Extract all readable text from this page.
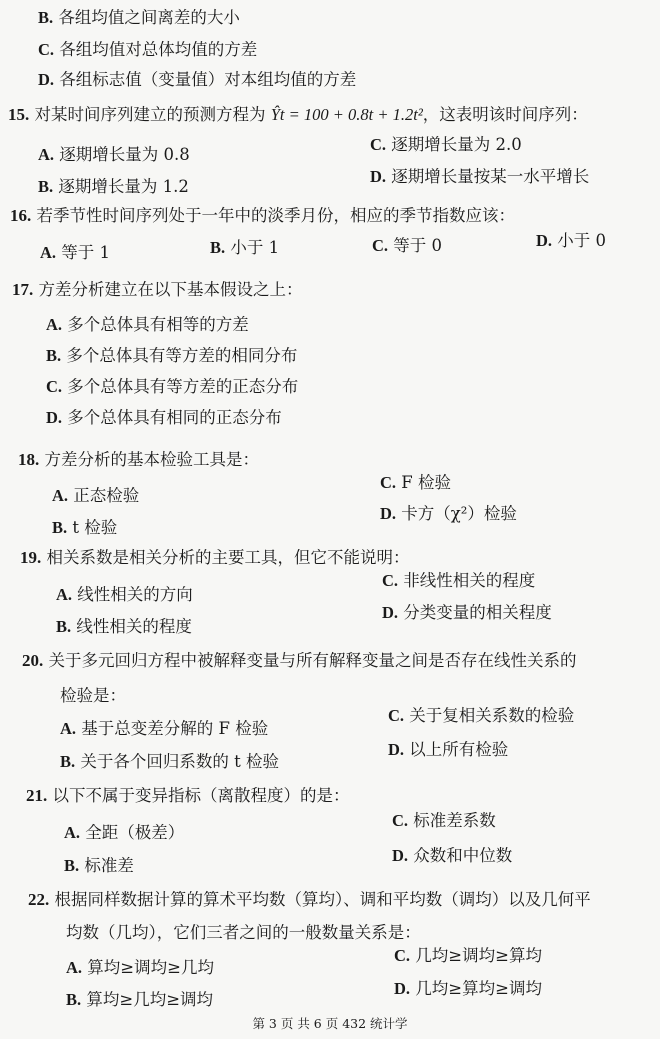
B. 各组均值之间离差的大小
C. 各组均值对总体均值的方差
D. 各组标志值（变量值）对本组均值的方差
15. 对某时间序列建立的预测方程为 Ŷt = 100 + 0.8t + 1.2t²，这表明该时间序列：
A. 逐期增长量为 0.8
C. 逐期增长量为 2.0
B. 逐期增长量为 1.2
D. 逐期增长量按某一水平增长
16. 若季节性时间序列处于一年中的淡季月份，相应的季节指数应该：
A. 等于 1	B. 小于 1	C. 等于 0	D. 小于 0
17. 方差分析建立在以下基本假设之上：
A. 多个总体具有相等的方差
B. 多个总体具有等方差的相同分布
C. 多个总体具有等方差的正态分布
D. 多个总体具有相同的正态分布
18. 方差分析的基本检验工具是：
A. 正态检验
C. F 检验
B. t 检验
D. 卡方（χ²）检验
19. 相关系数是相关分析的主要工具，但它不能说明：
A. 线性相关的方向
C. 非线性相关的程度
B. 线性相关的程度
D. 分类变量的相关程度
20. 关于多元回归方程中被解释变量与所有解释变量之间是否存在线性关系的
检验是：
A. 基于总变差分解的 F 检验
C. 关于复相关系数的检验
B. 关于各个回归系数的 t 检验
D. 以上所有检验
21. 以下不属于变异指标（离散程度）的是：
A. 全距（极差）
C. 标准差系数
B. 标准差
D. 众数和中位数
22. 根据同样数据计算的算术平均数（算均）、调和平均数（调均）以及几何平
均数（几均），它们三者之间的一般数量关系是：
A. 算均≥调均≥几均
C. 几均≥调均≥算均
B. 算均≥几均≥调均
D. 几均≥算均≥调均
第 3 页 共 6 页 432 统计学
